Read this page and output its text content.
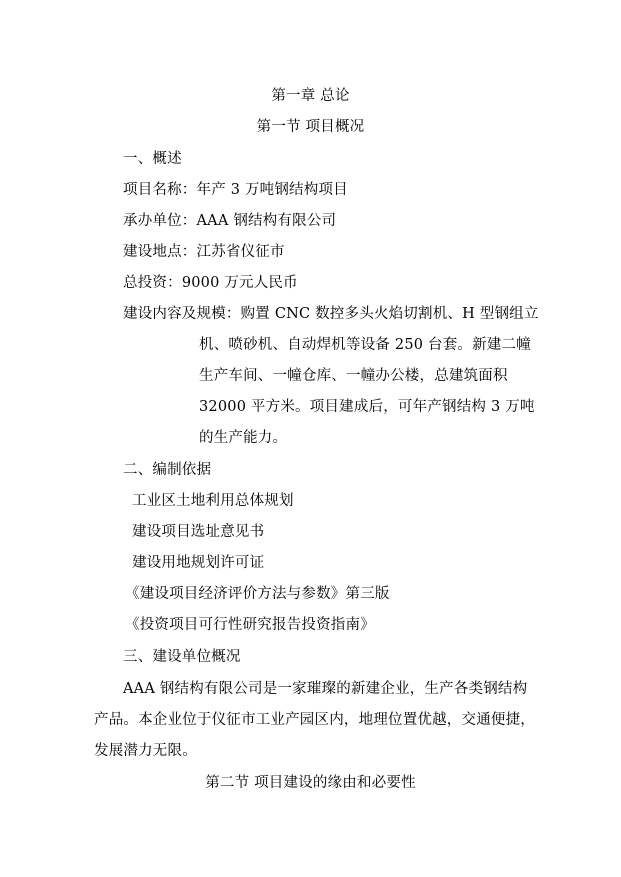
第一章 总论
第一节 项目概况
一、概述
项目名称：年产 3 万吨钢结构项目
承办单位：AAA 钢结构有限公司
建设地点：江苏省仪征市
总投资：9000 万元人民币
建设内容及规模：购置 CNC 数控多头火焰切割机、H 型钢组立
机、喷砂机、自动焊机等设备 250 台套。新建二幢
生产车间、一幢仓库、一幢办公楼，总建筑面积
32000 平方米。项目建成后，可年产钢结构 3 万吨
的生产能力。
二、编制依据
工业区土地利用总体规划
建设项目选址意见书
建设用地规划许可证
《建设项目经济评价方法与参数》第三版
《投资项目可行性研究报告投资指南》
三、建设单位概况
AAA 钢结构有限公司是一家璀璨的新建企业，生产各类钢结构
产品。本企业位于仪征市工业产园区内，地理位置优越，交通便捷，
发展潜力无限。
第二节 项目建设的缘由和必要性
